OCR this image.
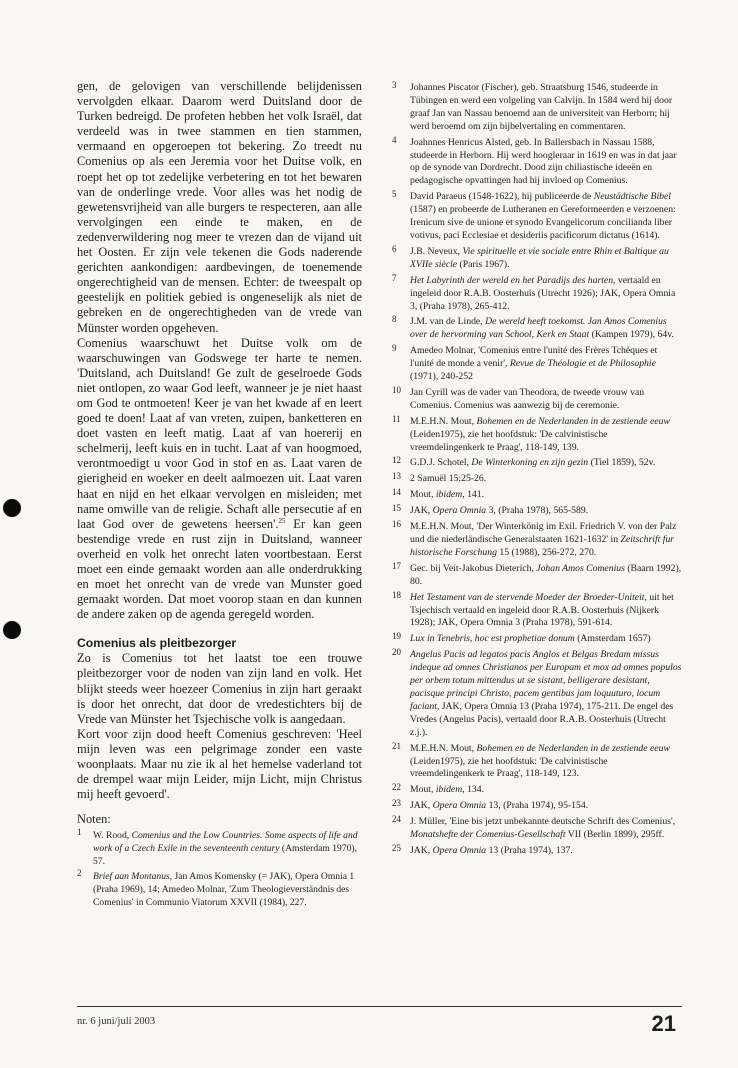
gen, de gelovigen van verschillende belijdenissen vervolgden elkaar. Daarom werd Duitsland door de Turken bedreigd. De profeten hebben het volk Israël, dat verdeeld was in twee stammen en tien stammen, vermaand en opgeroepen tot bekering. Zo treedt nu Comenius op als een Jeremia voor het Duitse volk, en roept het op tot zedelijke verbetering en tot het bewaren van de onderlinge vrede. Voor alles was het nodig de gewetensvrijheid van alle burgers te respecteren, aan alle vervolgingen een einde te maken, en de zedenverwildering nog meer te vrezen dan de vijand uit het Oosten. Er zijn vele tekenen die Gods naderende gerichten aankondigen: aardbevingen, de toenemende ongerechtigheid van de mensen. Echter: de tweespalt op geestelijk en politiek gebied is ongeneselijk als niet de gebreken en de ongerechtigheden van de vrede van Münster worden opgeheven.

Comenius waarschuwt het Duitse volk om de waarschuwingen van Godswege ter harte te nemen. 'Duitsland, ach Duitsland! Ge zult de geselroede Gods niet ontlopen, zo waar God leeft, wanneer je je niet haast om God te ontmoeten! Keer je van het kwade af en leert goed te doen! Laat af van vreten, zuipen, banketteren en doet vasten en leeft matig. Laat af van hoererij en schelmerij, leeft kuis en in tucht. Laat af van hoogmoed, verontmoedigt u voor God in stof en as. Laat varen de gierigheid en woeker en deelt aalmoezen uit. Laat varen haat en nijd en het elkaar vervolgen en misleiden; met name omwille van de religie. Schaft alle persecutie af en laat God over de gewetens heersen'.$^{25}$ Er kan geen bestendige vrede en rust zijn in Duitsland, wanneer overheid en volk het onrecht laten voortbestaan. Eerst moet een einde gemaakt worden aan alle onderdrukking en moet het onrecht van de vrede van Munster goed gemaakt worden. Dat moet voorop staan en dan kunnen de andere zaken op de agenda geregeld worden.

Comenius als pleitbezorger

Zo is Comenius tot het laatst toe een trouwe pleitbezorger voor de noden van zijn land en volk. Het blijkt steeds weer hoezeer Comenius in zijn hart geraakt is door het onrecht, dat door de vredestichters bij de Vrede van Münster het Tsjechische volk is aangedaan.

Kort voor zijn dood heeft Comenius geschreven: 'Heel mijn leven was een pelgrimage zonder een vaste woonplaats. Maar nu zie ik al het hemelse vaderland tot de drempel waar mijn Leider, mijn Licht, mijn Christus mij heeft gevoerd'.

Noten:
1 W. Rood, Comenius and the Low Countries. Some aspects of life and work of a Czech Exile in the seventeenth century (Amsterdam 1970), 57.
2 Brief aan Montanus, Jan Amos Komensky (= JAK), Opera Omnia 1 (Praha 1969), 14; Amedeo Molnar, 'Zum Theologieverständnis des Comenius' in Communio Viatorum XXVII (1984), 227.
3 Johannes Piscator (Fischer), geb. Straatsburg 1546, studeerde in Tübingen en werd een volgeling van Calvijn. In 1584 werd hij door graaf Jan van Nassau benoemd aan de universiteit van Herborn; hij werd beroemd om zijn bijbelvertaling en commentaren.
4 Joahnnes Henricus Alsted, geb. In Ballersbach in Nassau 1588, studeerde in Herborn. Hij werd hoogleraar in 1619 en was in dat jaar op de synode van Dordrecht. Dood zijn chiliastische ideeën en pedagogische opvattingen had hij invloed op Comenius.
5 David Paraeus (1548-1622), hij publiceerde de Neustädtische Bibel (1587) en probeerde de Lutheranen en Gereformeerden e verzoenen: Irenicum sive de unione et synodo Evangelicorum concilianda liber votivus, paci Ecclesiae et desideriis pacificorum dictatus (1614).
6 J.B. Neveux, Vie spirituelle et vie sociale entre Rhin et Baltique au XVIIe siècle (Paris 1967).
7 Het Labyrinth der wereld en het Paradijs des harten, vertaald en ingeleid door R.A.B. Oosterhuis (Utrecht 1926); JAK, Opera Omnia 3, (Praha 1978), 265-412.
8 J.M. van de Linde, De wereld heeft toekomst. Jan Amos Comenius over de hervorming van School, Kerk en Staat (Kampen 1979), 64v.
9 Amedeo Molnar, 'Comenius entre l'unité des Frères Tchèques et l'unité de monde a venir', Revue de Théologie et de Philosophie (1971), 240-252
10 Jan Cyrill was de vader van Theodora, de tweede vrouw van Comenius. Comenius was aanwezig bij de ceremonie.
11 M.E.H.N. Mout, Bohemen en de Nederlanden in de zestiende eeuw (Leiden1975), zie het hoofdstuk: 'De calvinistische vreemdelingenkerk te Praag', 118-149, 139.
12 G.D.J. Schotel, De Winterkoning en zijn gezin (Tiel 1859), 52v.
13 2 Samuël 15:25-26.
14 Mout, ibidem, 141.
15 JAK, Opera Omnia 3, (Praha 1978), 565-589.
16 M.E.H.N. Mout, 'Der Winterkönig im Exil. Friedrich V. von der Palz und die niederländische Generalstaaten 1621-1632' in Zeitschrift fur historische Forschung 15 (1988), 256-272, 270.
17 Gec. bij Veit-Jakobus Dieterich, Johan Amos Comenius (Baarn 1992), 80.
18 Het Testament van de stervende Moeder der Broeder-Uniteit, uit het Tsjechisch vertaald en ingeleid door R.A.B. Oosterhuis (Nijkerk 1928); JAK, Opera Omnia 3 (Praha 1978), 591-614.
19 Lux in Tenebris, hoc est prophetiae donum (Amsterdam 1657)
20 Angelus Pacis ad legatos pacis Anglos et Belgas Bredam missus indeque ad omnes Christianos per Europam et mox ad omnes populos per orbem totum mittendus ut se sistant, belligerare desistant, pacisque principi Christo, pacem gentibus jam loquuturo, locum faciant, JAK, Opera Omnia 13 (Praha 1974), 175-211. De engel des Vredes (Angelus Pacis), vertaald door R.A.B. Oosterhuis (Utrecht z.j.).
21 M.E.H.N. Mout, Bohemen en de Nederlanden in de zestiende eeuw (Leiden1975), zie het hoofdstuk: 'De calvinistische vreemdelingenkerk te Praag', 118-149, 123.
22 Mout, ibidem, 134.
23 JAK, Opera Omnia 13, (Praha 1974), 95-154.
24 J. Müller, 'Eine bis jetzt unbekannte deutsche Schrift des Comenius', Monatshefte der Comenius-Gesellschaft VII (Berlin 1899), 295ff.
25 JAK, Opera Omnia 13 (Praha 1974), 137.
nr. 6 juni/juli 2003	21
